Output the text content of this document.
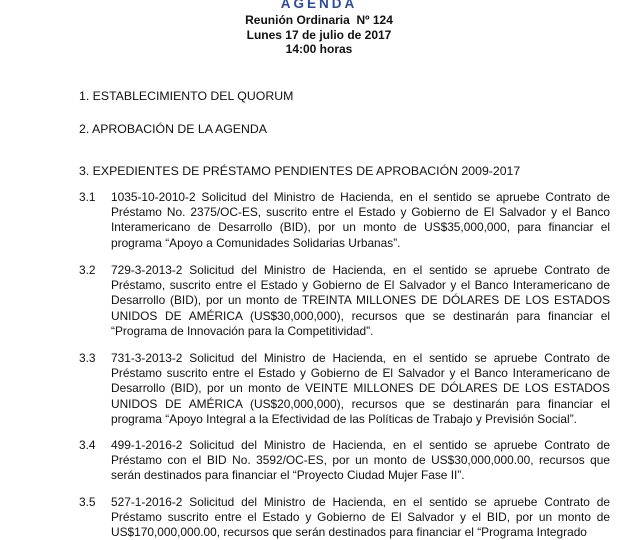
AGENDA
Reunión Ordinaria  Nº 124
Lunes 17 de julio de 2017
14:00 horas
1. ESTABLECIMIENTO DEL QUORUM
2. APROBACIÓN DE LA AGENDA
3. EXPEDIENTES DE PRÉSTAMO PENDIENTES DE APROBACIÓN 2009-2017
3.1	1035-10-2010-2 Solicitud del Ministro de Hacienda, en el sentido se apruebe Contrato de Préstamo No. 2375/OC-ES, suscrito entre el Estado y Gobierno de El Salvador y el Banco Interamericano de Desarrollo (BID), por un monto de US$35,000,000, para financiar el programa “Apoyo a Comunidades Solidarias Urbanas”.
3.2	729-3-2013-2 Solicitud del Ministro de Hacienda, en el sentido se apruebe Contrato de Préstamo, suscrito entre el Estado y Gobierno de El Salvador y el Banco Interamericano de Desarrollo (BID), por un monto de TREINTA MILLONES DE DÓLARES DE LOS ESTADOS UNIDOS DE AMÉRICA (US$30,000,000), recursos que se destinarán para financiar el “Programa de Innovación para la Competitividad”.
3.3	731-3-2013-2 Solicitud del Ministro de Hacienda, en el sentido se apruebe Contrato de Préstamo suscrito entre el Estado y Gobierno de El Salvador y el Banco Interamericano de Desarrollo (BID), por un monto de VEINTE MILLONES DE DÓLARES DE LOS ESTADOS UNIDOS DE AMÉRICA (US$20,000,000), recursos que se destinarán para financiar el programa “Apoyo Integral a la Efectividad de las Políticas de Trabajo y Previsión Social”.
3.4	499-1-2016-2 Solicitud del Ministro de Hacienda, en el sentido se apruebe Contrato de Préstamo con el BID No. 3592/OC-ES, por un monto de US$30,000,000.00, recursos que serán destinados para financiar el “Proyecto Ciudad Mujer Fase II”.
3.5	527-1-2016-2 Solicitud del Ministro de Hacienda, en el sentido se apruebe Contrato de Préstamo suscrito entre el Estado y Gobierno de El Salvador y el BID, por un monto de US$170,000,000.00, recursos que serán destinados para financiar el “Programa Integrado
